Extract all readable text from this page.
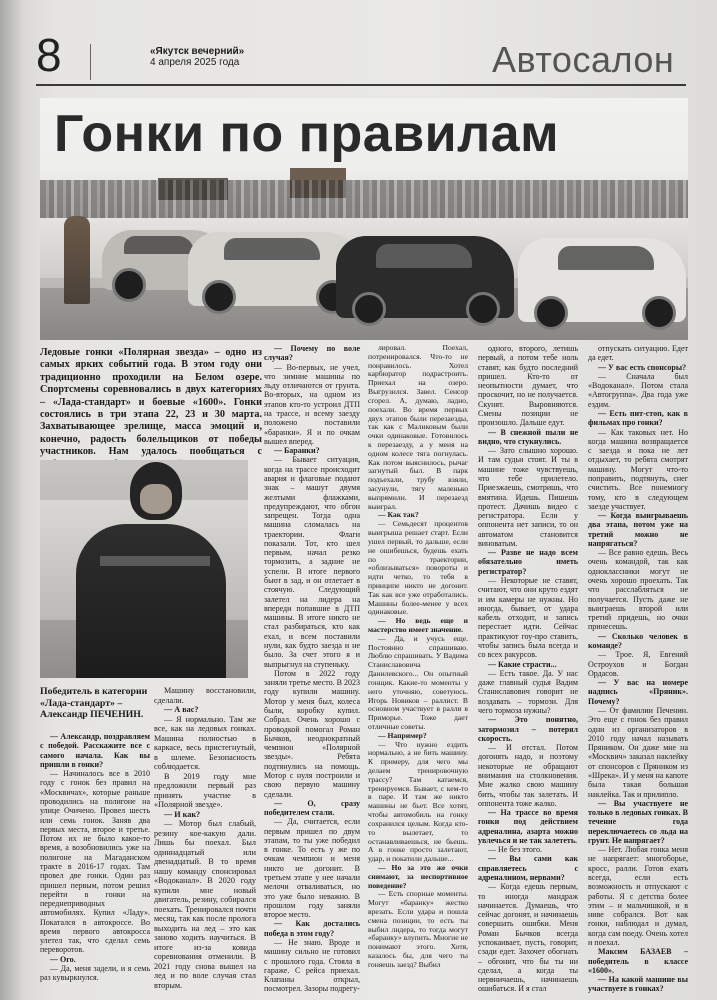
8	«Якутск вечерний»
4 апреля 2025 года	Автосалон
Гонки по правилам
Ледовые гонки «Полярная звезда» – одно из самых ярких событий года. В этом году они традиционно проходили на Белом озере. Спортсмены соревновались в двух категориях – «Лада-стандарт» и боевые «1600». Гонки состоялись в три этапа 22, 23 и 30 марта. Захватывающее зрелище, масса эмоций и, конечно, радость болельщиков от победы участников. Нам удалось пообщаться с
Победитель в категории «Лада-стандарт» – Александр ПЕЧЕНИН.

— Александр, поздравляем с победой. Расскажите все с самого начала. Как вы пришли в гонки?

— Начиналось все в 2010 году с гонок без правил на «Москвичах», которые раньше проводились на полигоне на улице Очичено. Провел шесть или семь гонок. Заняв два первых места, второе и третье. Потом их не было какое-то время, а возобновились уже на полигоне на Магаданском тракте в 2016-17 годах. Там провел две гонки. Один раз пришел первым, потом решил перейти в гонки на переднеприводных автомобилях. Купил «Ладу». Покатался в автокроссе. Во время первого автокросса улетел так, что сделал семь переворотов.

— Ого.

— Да, меня задели, и я семь раз кувыркнулся.

Машину восстановили, сделали.

— А вас?

— Я нормально. Там же все, как на ледовых гонках. Машина полностью в каркасе, весь пристегнутый, в шлеме. Безопасность соблюдается.

В 2019 году мне предложили первый раз принять участие в «Полярной звезде».

— И как?

— Мотор был слабый, резину кое-какую дали. Лишь бы поехал. Был одиннадцатый или двенадцатый. В то время нашу команду спонсировал «Водоканал». В 2020 году купили мне новый двигатель, резину, собирался поехать. Тренировался почти месяц, так как после пролога выходить на лед – это как заново ходить научиться. В итоге из-за ковида соревнования отменили. В 2021 году снова вышел на лед и по воле случая стал вторым.

— Почему по воле случая?

— Во-первых, не учел, что зимние машины по льду отличаются от грунта. Во-вторых, на одном из этапов кто-то устроил ДТП на трассе, и всему заезду положено поставили «баранки». Я и по очкам вышел вперед.

— Баранки?

— Бывает ситуация, когда на трассе происходит авария и флаговые подают знак – машут двумя желтыми флажками, предупреждают, что обгон запрещен. Тогда одна машина сломалась на траектории. Флаги показали. Тот, кто шел первым, начал резко тормозить, а задние не успели. В итоге первого бьют в зад, и он отлетает в стоячую. Следующий залетел на лидера на впереди попавшие в ДТП машины. В итоге никто не стал разбираться, кто как ехал, и всем поставили нули, как будто заезда и не было. За счет этого я и выпрыгнул на ступеньку.

Потом в 2022 году заняли третье место. В 2023 году купили машину. Мотор у меня был, колеса были, коробку купил. Собрал. Очень хорошо с проводкой помогал Роман Бычков, неоднократный чемпион «Полярной звезды». Ребята подтянулись на помощь. Мотор с нуля построили и свою первую машину сделали.

— О, сразу победителем стали.

— Да, считается, если первым пришел по двум этапам, то ты уже победил в гонке. То есть у же по очкам чемпион и меня никто не догонит. В третьем этапе у нее начали мелочи отваливаться, но это уже было неважно. В прошлом году заняли второе место.

— Как достались победа в этом году?

— Не знаю. Вроде и машину сильно не готовил с прошлого года. Стояла в гараже. С рейса приехал. Клапаны открыл, посмотрел. Зазоры подрегу-

лировал. Поехал, потренировался. Что-то не понравилось. Хотел карбюратор подрастроить. Приехал на озеро. Выгрузился. Завел. Сенсор сгорел. А, думаю, ладно, поехали. Во время первых двух этапов были перезаезды, так как с Маликовым были очки одинаковые. Готовилось к перезаезду, а у меня на одном колесе тяга погнулась. Как потом выяснилось, рычаг загнутый был. В парк подъехали, трубу взяли, засунули, тягу маленько выпрямили. И перезаезд выиграл.

— Как так?

— Семьдесят процентов выигрыша решает старт. Если ушел первый, то дальше, если не ошибешься, будешь ехать по траектории, «облизываться» повороты и идти четко, то тебя в принципе никто не догонит. Так как все уже отработались. Машины более-менее у всех одинаковые.

— Но ведь еще и мастерство имеет значение.

— Да, и учусь еще. Постоянно спрашиваю. Люблю спрашивать. У Вадима Станиславовича Данилевского... Он опытный гонщик. Какие-то моменты у него уточняю, советуюсь. Игорь Новиков – раллист. В основном участвует в ралли в Приморье. Тоже дает отличные советы.

— Например?

— Что нужно ездить нормально, а не бить машину. К примеру, для чего мы делаем тренировочную трассу? Там катаемся, тренируемся. Бывает, с кем-то в паре. И там же никто машины не бьет. Все хотят, чтобы автомобиль на гонку сохранился целым. Когда кто-то вылетает, то останавливаешься, не бьешь. А в гонке просто залетают, удар, и покатили дальше...

— Но за это же очки снимают, за неспортивное поведение?

— Есть спорные моменты. Могут «баранку» жестко врезать. Если удара и пошла смена позиции, то есть ты выбил лидера, то тогда могут «баранку» влупить. Многие не понимают этого. Хотя, казалось бы, для чего ты гоняешь заезд? Выбил

одного, второго, летишь первый, а потом тебе ноль ставят, как будто последний пришел. Кто-то от неопытности думает, что проскочит, но не получается. Скунят. Выровняются. Смены позиции не произошло. Дальше едут.

— В снежной пыли не видно, что стукнулись.

— Зато слышно хорошо. И там судьи стоят. И ты в машине тоже чувствуешь, что тебе прилетело. Приезжаешь, смотришь, что вмятина. Идешь. Пишешь протест. Дачишь видео с регистратора. Если у оппонента нет записи, то он автоматом становится виноватым.

— Разве не надо всем обязательно иметь регистратор?

— Некоторые не ставят, считают, что они круто ездят и им камеры не нужны. Но иногда, бывает, от удара кабель отходит, и запись перестает идти. Сейчас практикуют гоу-про ставить, чтобы запись была всегда и со всех ракурсов.

— Какие страсти...

— Есть такое. Да. У нас даже главный судья Вадим Станиславович говорит не воздавать – тормози. Для чего тормоза нужны?

— Это понятно, затормозил – потерял скорость.

— И отстал. Потом догонять надо, и поэтому некоторые не обращают внимания на столкновения. Мне жалко свою машину бить, чтобы так залетать. И оппонента тоже жалко.

— На трассе во время гонки под действием адреналина, азарта можно увлечься и не так залететь.

— Не без этого.

— Вы сами как справляетесь с адреналином, нервами?

— Когда едешь первым, то иногда мандраж начинается. Думаешь, что сейчас догонят, и начинаешь совершать ошибки. Меня Роман Бычков всегда успокаивает, пусть, говорит, сзади едет. Захочет обогнать – обгонит, что бы ты ни сделал, а когда ты нервничаешь, начинаешь ошибаться. И я стал

отпускать ситуацию. Едет да едет.

— У вас есть спонсоры?

— Сначала был «Водоканал». Потом стала «Автогруппа». Два года уже ездим.

— Есть пит-стоп, как в фильмах про гонки?

— Как таковых нет. Но когда машина возвращается с заезда и пока не лет отдыхает, то ребята смотрят машину. Могут что-то поправить, подтянуть, снег счистить. Все понемногу тому, кто в следующем заезде участвует.

— Когда выигрываешь два этапа, потом уже на третий можно не напрягаться?

— Все равно едешь. Весь очень командой, так как одноклассники могут не очень хорошо проехать. Так что расслабляться не получается. Пусть даже не выиграешь второй или третий придешь, но очки принесешь.

— Сколько человек в команде?

— Трое. Я, Евгений Остроухов и Богдан Ордасов.

— У вас на номере надпись «Пряник». Почему?

— От фамилии Печенин. Это еще с гонок без правил одни из организаторов в 2010 году начал называть Пряником. Он даже мне на «Москвич» заказал наклейку от спонсоров с Пряником из «Шрека». И у меня на капоте была такая большая наклейка. Так и прилипло.

— Вы участвуете не только в ледовых гонках. В течение года переключаетесь со льда на грунт. Не напрягает?

— Нет. Любая гонка меня не напрягает: многоборье, кросс, ралли. Готов ехать всегда, если есть возможность и отпускают с работы. Я с детства более этим – и мальчишкой, и в ниве собрался. Вот как гонки, наблюдал и думал, когда сам поеду. Очень хотел и поехал.

Максим БАЗАЕВ – победитель в классе «1600».

— На какой машине вы участвуете в гонках?
